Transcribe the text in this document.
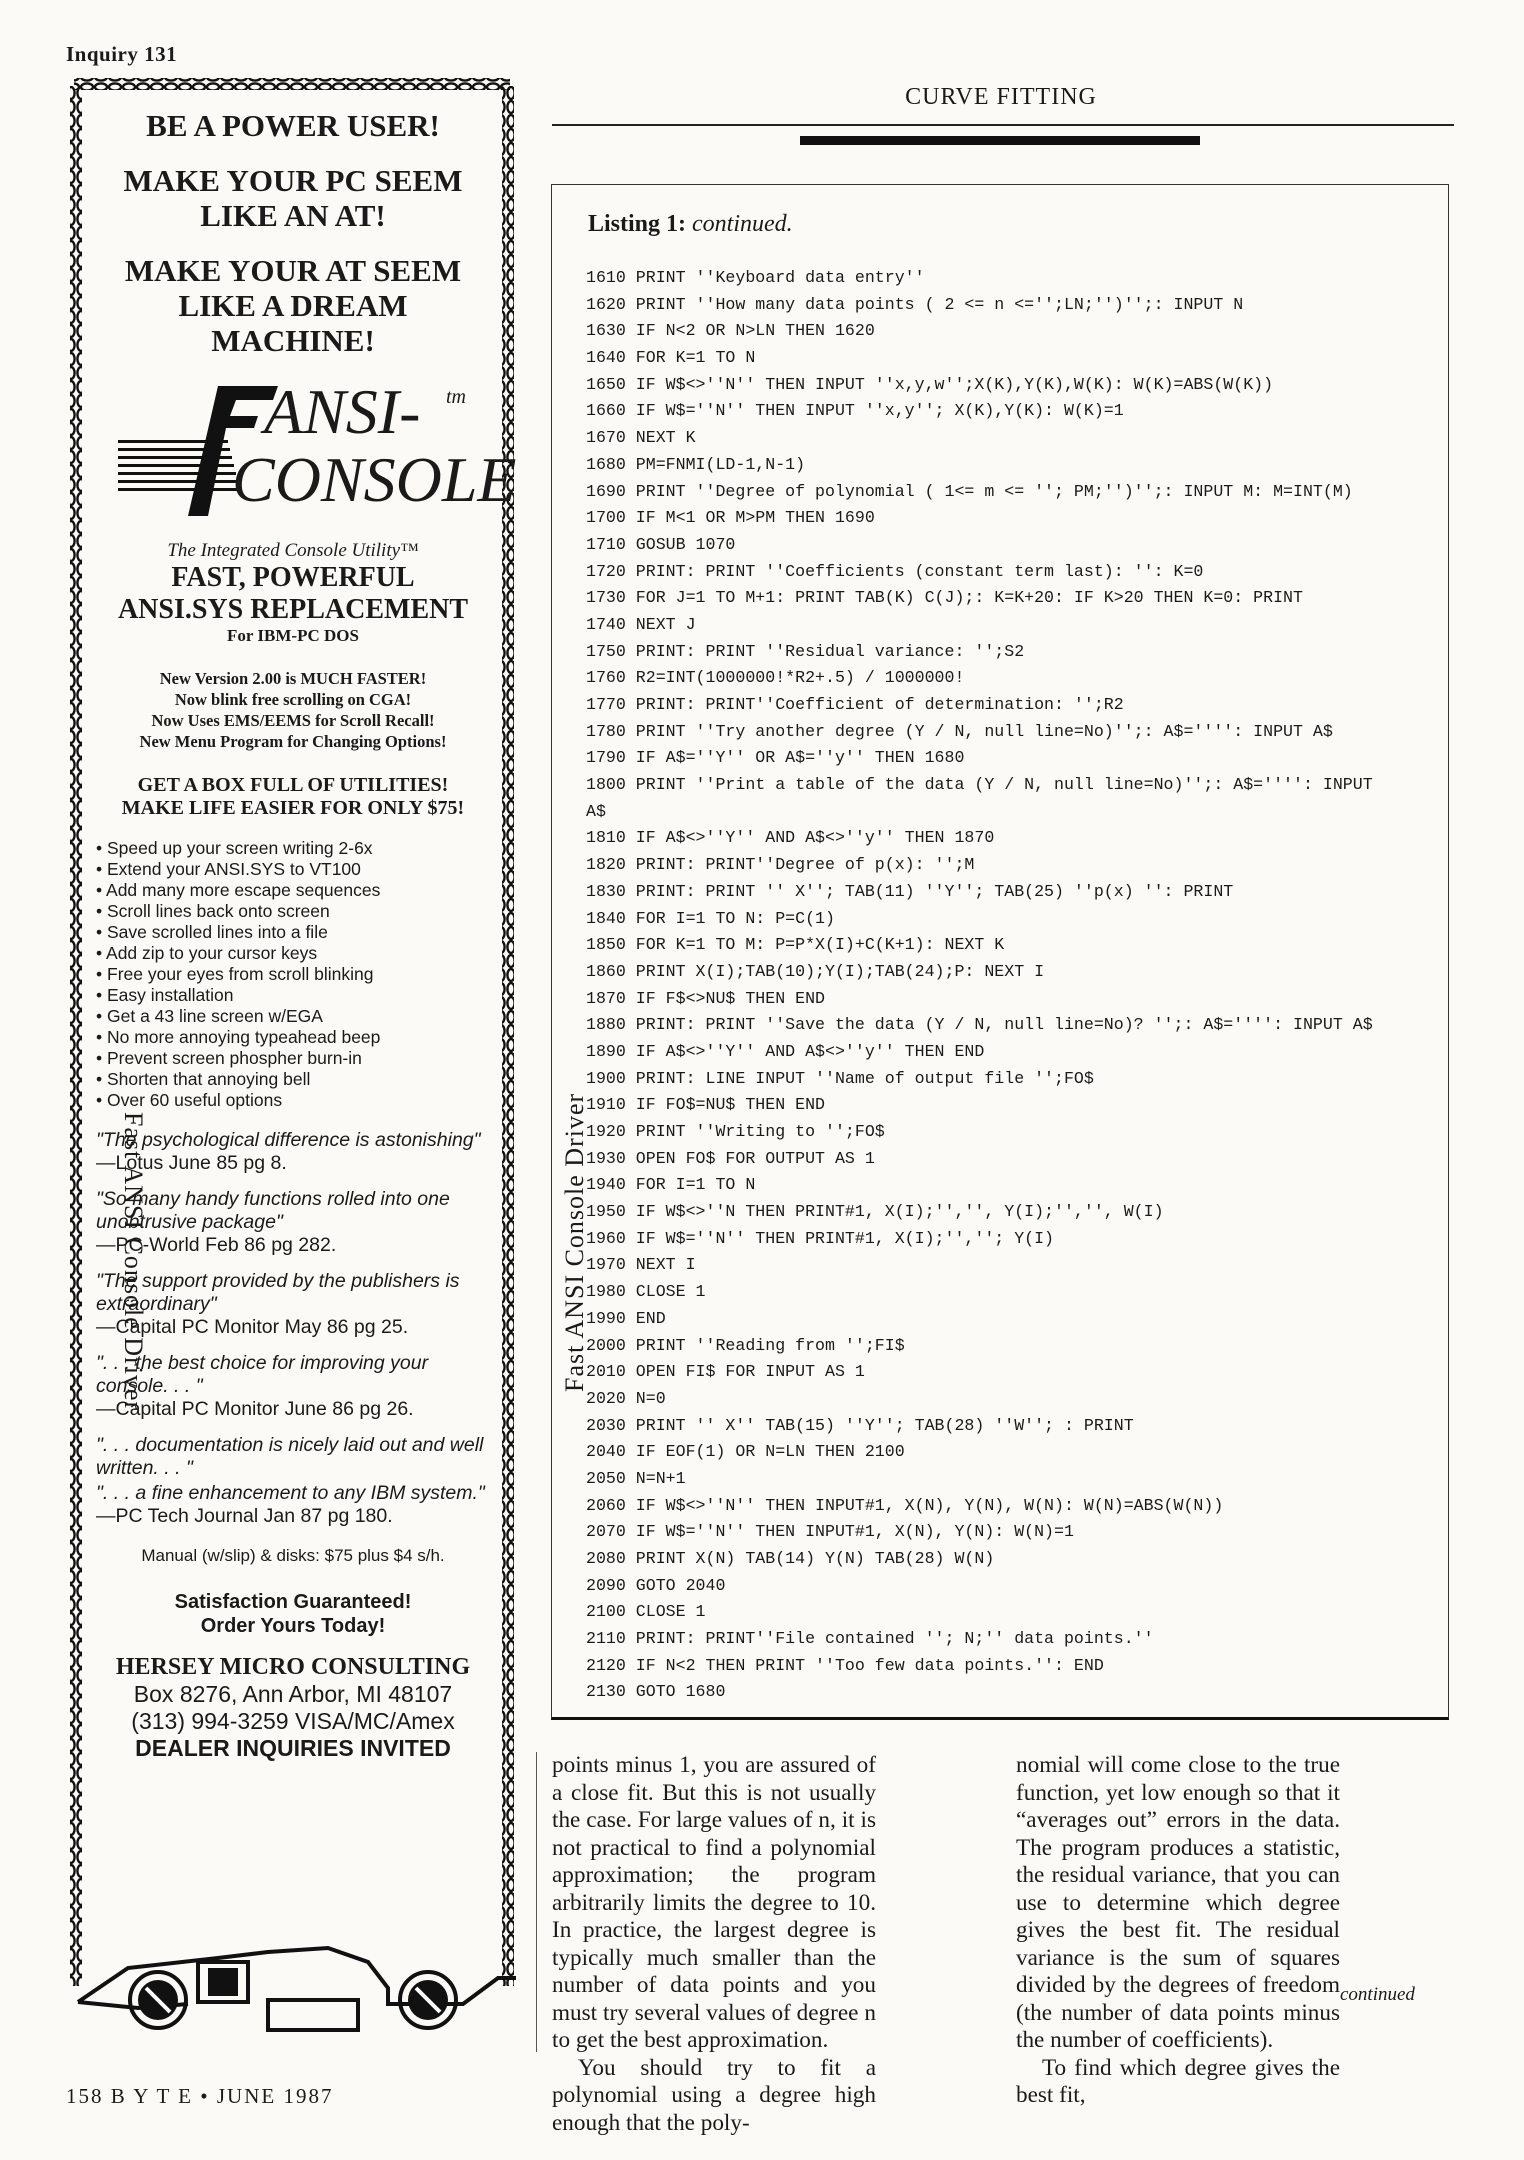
Inquiry 131
BE A POWER USER!
MAKE YOUR PC SEEM LIKE AN AT!
MAKE YOUR AT SEEM LIKE A DREAM MACHINE!
ANSI- tm
CONSOLE
The Integrated Console Utility™
FAST, POWERFUL
ANSI.SYS REPLACEMENT
For IBM-PC DOS
New Version 2.00 is MUCH FASTER!
Now blink free scrolling on CGA!
Now Uses EMS/EEMS for Scroll Recall!
New Menu Program for Changing Options!
GET A BOX FULL OF UTILITIES!
MAKE LIFE EASIER FOR ONLY $75!
• Speed up your screen writing 2-6x
• Extend your ANSI.SYS to VT100
• Add many more escape sequences
• Scroll lines back onto screen
• Save scrolled lines into a file
• Add zip to your cursor keys
• Free your eyes from scroll blinking
• Easy installation
• Get a 43 line screen w/EGA
• No more annoying typeahead beep
• Prevent screen phospher burn-in
• Shorten that annoying bell
• Over 60 useful options
"The psychological difference is astonishing"
—Lotus June 85 pg 8.
"So many handy functions rolled into one unobtrusive package"
—PC-World Feb 86 pg 282.
"The support provided by the publishers is extraordinary"
—Capital PC Monitor May 86 pg 25.
". . . the best choice for improving your console. . . "
—Capital PC Monitor June 86 pg 26.
". . . documentation is nicely laid out and well written. . . "
". . . a fine enhancement to any IBM system."
—PC Tech Journal Jan 87 pg 180.
Manual (w/slip) & disks: $75 plus $4 s/h.
Satisfaction Guaranteed!
Order Yours Today!
HERSEY MICRO CONSULTING
Box 8276, Ann Arbor, MI 48107
(313) 994-3259 VISA/MC/Amex
DEALER INQUIRIES INVITED
Fast ANSI Console Driver	Fast ANSI Console Driver
CURVE FITTING
Listing 1: continued.
1610 PRINT ''Keyboard data entry''
1620 PRINT ''How many data points ( 2 <= n <='';LN;'')'';: INPUT N
1630 IF N<2 OR N>LN THEN 1620
1640 FOR K=1 TO N
1650 IF W$<>''N'' THEN INPUT ''x,y,w'';X(K),Y(K),W(K): W(K)=ABS(W(K))
1660 IF W$=''N'' THEN INPUT ''x,y''; X(K),Y(K): W(K)=1
1670 NEXT K
1680 PM=FNMI(LD-1,N-1)
1690 PRINT ''Degree of polynomial ( 1<= m <= ''; PM;'')'';: INPUT M: M=INT(M)
1700 IF M<1 OR M>PM THEN 1690
1710 GOSUB 1070
1720 PRINT: PRINT ''Coefficients (constant term last): '': K=0
1730 FOR J=1 TO M+1: PRINT TAB(K) C(J);: K=K+20: IF K>20 THEN K=0: PRINT
1740 NEXT J
1750 PRINT: PRINT ''Residual variance: '';S2
1760 R2=INT(1000000!*R2+.5) / 1000000!
1770 PRINT: PRINT''Coefficient of determination: '';R2
1780 PRINT ''Try another degree (Y / N, null line=No)'';: A$='''': INPUT A$
1790 IF A$=''Y'' OR A$=''y'' THEN 1680
1800 PRINT ''Print a table of the data (Y / N, null line=No)'';: A$='''': INPUT
A$
1810 IF A$<>''Y'' AND A$<>''y'' THEN 1870
1820 PRINT: PRINT''Degree of p(x): '';M
1830 PRINT: PRINT '' X''; TAB(11) ''Y''; TAB(25) ''p(x) '': PRINT
1840 FOR I=1 TO N: P=C(1)
1850 FOR K=1 TO M: P=P*X(I)+C(K+1): NEXT K
1860 PRINT X(I);TAB(10);Y(I);TAB(24);P: NEXT I
1870 IF F$<>NU$ THEN END
1880 PRINT: PRINT ''Save the data (Y / N, null line=No)? '';: A$='''': INPUT A$
1890 IF A$<>''Y'' AND A$<>''y'' THEN END
1900 PRINT: LINE INPUT ''Name of output file '';FO$
1910 IF FO$=NU$ THEN END
1920 PRINT ''Writing to '';FO$
1930 OPEN FO$ FOR OUTPUT AS 1
1940 FOR I=1 TO N
1950 IF W$<>''N THEN PRINT#1, X(I);'','', Y(I);'','', W(I)
1960 IF W$=''N'' THEN PRINT#1, X(I);'',''; Y(I)
1970 NEXT I
1980 CLOSE 1
1990 END
2000 PRINT ''Reading from '';FI$
2010 OPEN FI$ FOR INPUT AS 1
2020 N=0
2030 PRINT '' X'' TAB(15) ''Y''; TAB(28) ''W''; : PRINT
2040 IF EOF(1) OR N=LN THEN 2100
2050 N=N+1
2060 IF W$<>''N'' THEN INPUT#1, X(N), Y(N), W(N): W(N)=ABS(W(N))
2070 IF W$=''N'' THEN INPUT#1, X(N), Y(N): W(N)=1
2080 PRINT X(N) TAB(14) Y(N) TAB(28) W(N)
2090 GOTO 2040
2100 CLOSE 1
2110 PRINT: PRINT''File contained ''; N;'' data points.''
2120 IF N<2 THEN PRINT ''Too few data points.'': END
2130 GOTO 1680

points minus 1, you are assured of a close fit. But this is not usually the case. For large values of n, it is not practical to find a polynomial approximation; the program arbitrarily limits the degree to 10. In practice, the largest degree is typically much smaller than the number of data points and you must try several values of degree n to get the best approximation.

You should try to fit a polynomial using a degree high enough that the poly-

nomial will come close to the true function, yet low enough so that it “averages out” errors in the data. The program produces a statistic, the residual variance, that you can use to determine which degree gives the best fit. The residual variance is the sum of squares divided by the degrees of freedom (the number of data points minus the number of coefficients).

To find which degree gives the best fit,

continued
158 B Y T E • JUNE 1987
